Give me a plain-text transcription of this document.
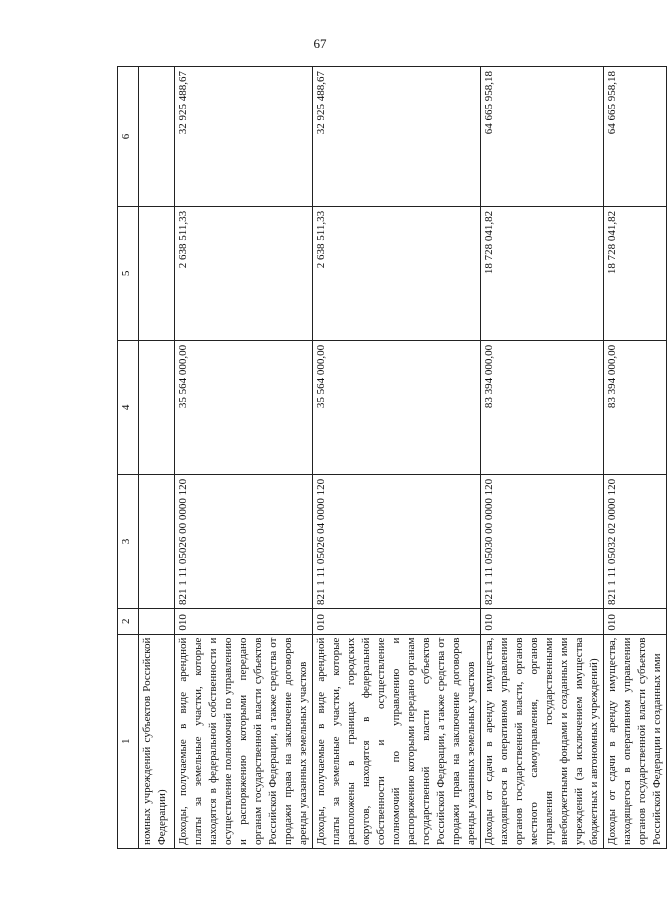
67
1	2	3	4	5	6
номных учреждений субъектов Российской Федерации)					
Доходы, получаемые в виде арендной платы за земельные участки, которые находятся в федеральной собственности и осуществление полномочий по управлению и распоряжению которыми передано органам государственной власти субъектов Российской Федерации, а также средства от продажи права на заключение договоров аренды указанных земельных участков	010	821 1 11 05026 00 0000 120	35 564 000,00	2 638 511,33	32 925 488,67
Доходы, получаемые в виде арендной платы за земельные участки, которые расположены в границах городских округов, находятся в федеральной собственности и осуществление полномочий по управлению и распоряжению которыми передано органам государственной власти субъектов Российской Федерации, а также средства от продажи права на заключение договоров аренды указанных земельных участков	010	821 1 11 05026 04 0000 120	35 564 000,00	2 638 511,33	32 925 488,67
Доходы от сдачи в аренду имущества, находящегося в оперативном управлении органов государственной власти, органов местного самоуправления, органов управления государственными внебюджетными фондами и созданных ими учреждений (за исключением имущества бюджетных и автономных учреждений)	010	821 1 11 05030 00 0000 120	83 394 000,00	18 728 041,82	64 665 958,18
Доходы от сдачи в аренду имущества, находящегося в оперативном управлении органов государственной власти субъектов Российской Федерации и созданных ими	010	821 1 11 05032 02 0000 120	83 394 000,00	18 728 041,82	64 665 958,18
